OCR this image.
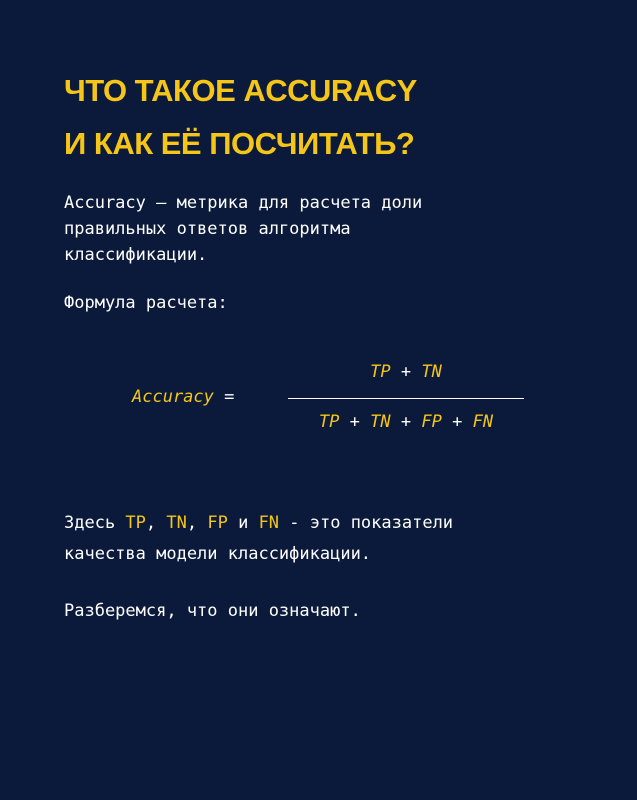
ЧТО ТАКОЕ ACCURACY
И КАК ЕЁ ПОСЧИТАТЬ?

Accuracy — метрика для расчета доли
правильных ответов алгоритма
классификации.

Формула расчета:

Accuracy =
TP + TN
TP + TN + FP + FN

Здесь TP, TN, FP и FN - это показатели
качества модели классификации.

Разберемся, что они означают.
